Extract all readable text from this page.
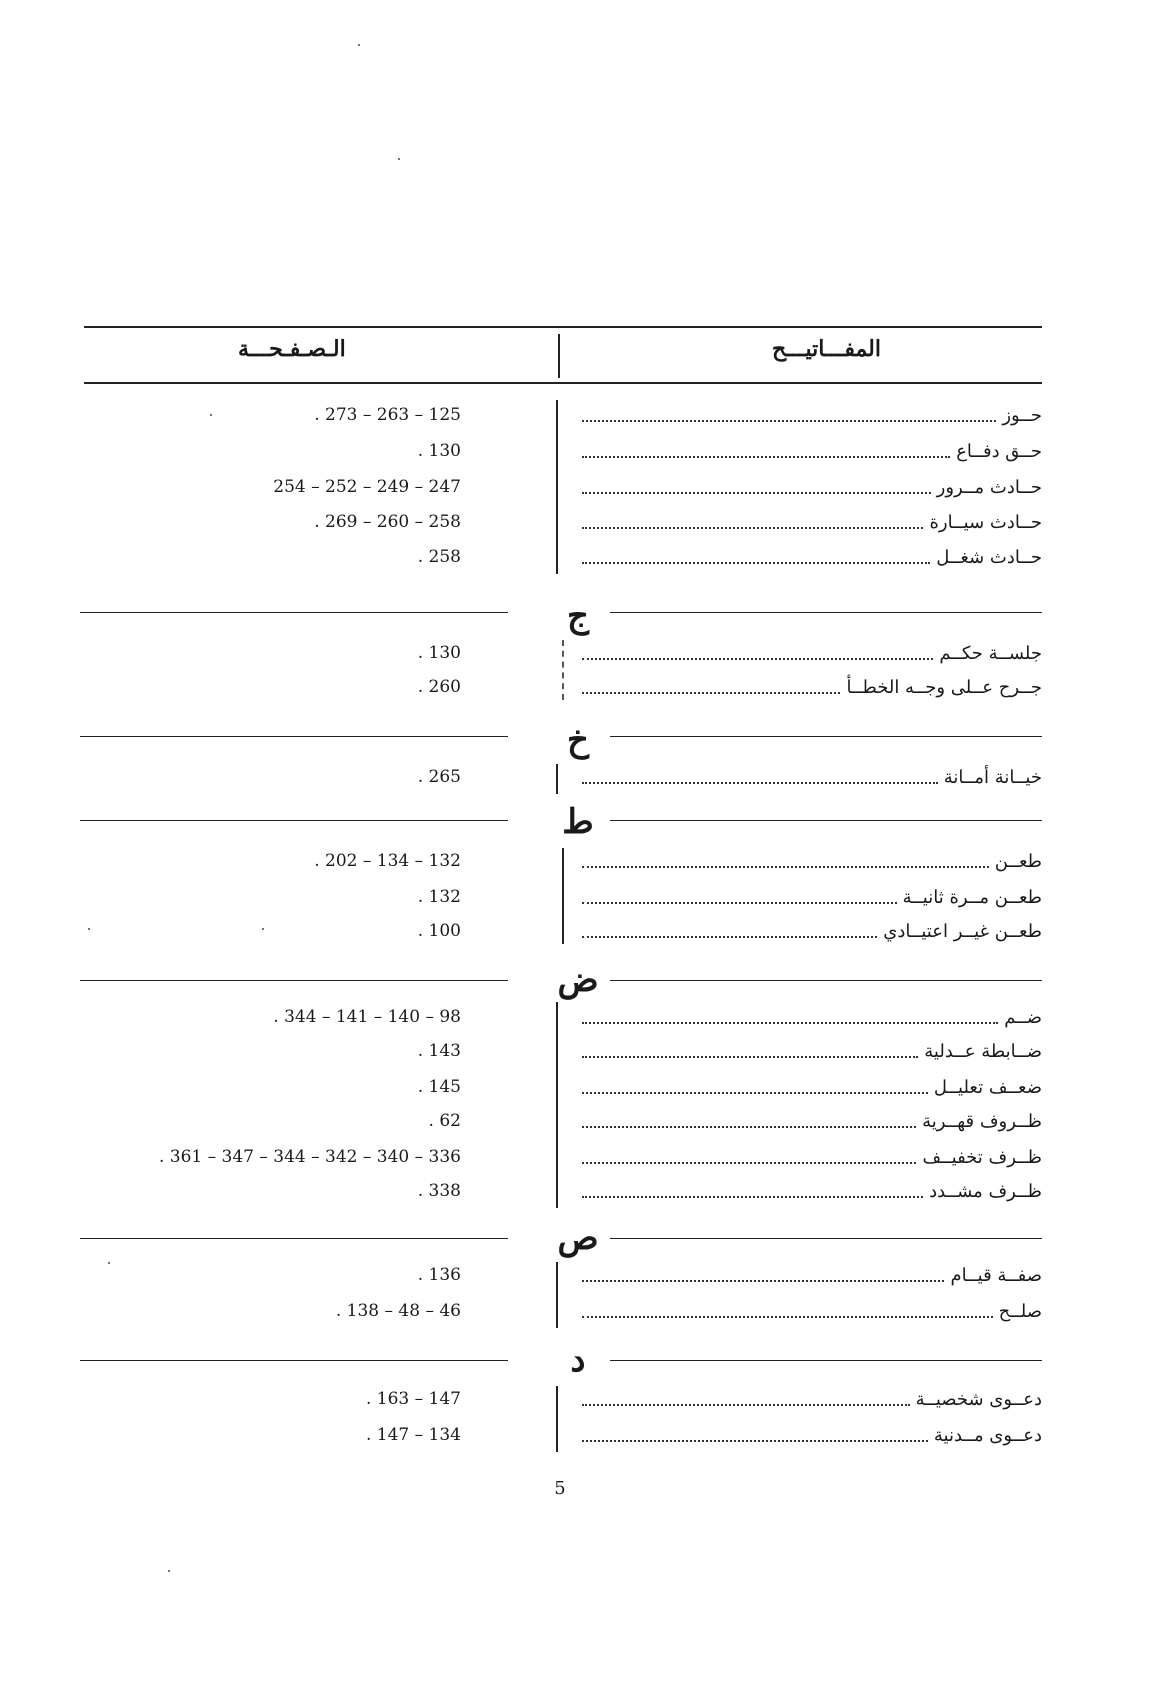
المفـــاتيـــح
الـصـفـحـــة
حــوز
. 273 – 263 – 125
حــق دفــاع
. 130
حــادث مــرور
254 – 252 – 249 – 247
حــادث سيــارة
. 269 – 260 – 258
حــادث شغــل
. 258
ج
جلســة حكــم
. 130
جــرح عــلى وجــه الخطــأ
. 260
خ
خيــانة أمــانة
. 265
ط
طعــن
. 202 – 134 – 132
طعــن مــرة ثانيــة
. 132
طعــن غيــر اعتيــادي
. 100
ض
ضــم
. 344 – 141 – 140 – 98
ضــابطة عــدلية
. 143
ضعــف تعليــل
. 145
ظــروف قهــرية
. 62
ظــرف تخفيــف
. 361 – 347 – 344 – 342 – 340 – 336
ظــرف مشــدد
. 338
ص
صفــة قيــام
. 136
صلــح
. 138 – 48 – 46
د
دعــوى شخصيــة
. 163 – 147
دعــوى مــدنية
. 147 – 134
5
